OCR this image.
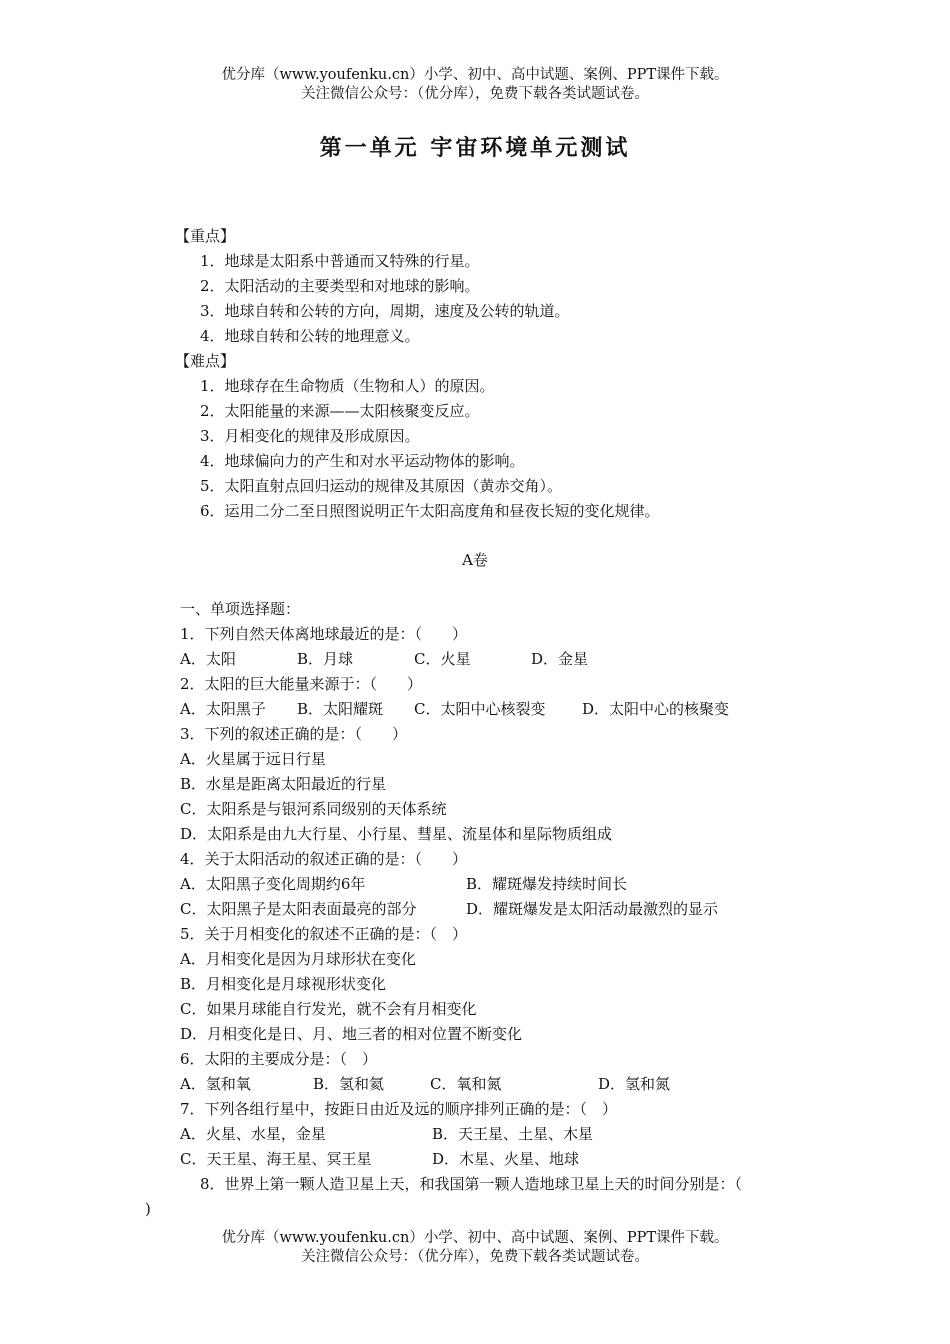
优分库（www.youfenku.cn）小学、初中、高中试题、案例、PPT课件下载。
关注微信公众号：（优分库），免费下载各类试题试卷。
第一单元 宇宙环境单元测试
【重点】
1．地球是太阳系中普通而又特殊的行星。
2．太阳活动的主要类型和对地球的影响。
3．地球自转和公转的方向，周期，速度及公转的轨道。
4．地球自转和公转的地理意义。
【难点】
1．地球存在生命物质（生物和人）的原因。
2．太阳能量的来源——太阳核聚变反应。
3．月相变化的规律及形成原因。
4．地球偏向力的产生和对水平运动物体的影响。
5．太阳直射点回归运动的规律及其原因（黄赤交角）。
6．运用二分二至日照图说明正午太阳高度角和昼夜长短的变化规律。
A卷
一、单项选择题：
1．下列自然天体离地球最近的是：（　　）
A．太阳	B．月球	C．火星	D．金星
2．太阳的巨大能量来源于：（　　）
A．太阳黑子	B．太阳耀斑	C．太阳中心核裂变	D．太阳中心的核聚变
3．下列的叙述正确的是：（　　）
A．火星属于远日行星
B．水星是距离太阳最近的行星
C．太阳系是与银河系同级别的天体系统
D．太阳系是由九大行星、小行星、彗星、流星体和星际物质组成
4．关于太阳活动的叙述正确的是：（　　）
A．太阳黑子变化周期约6年	B．耀斑爆发持续时间长
C．太阳黑子是太阳表面最亮的部分	D．耀斑爆发是太阳活动最激烈的显示
5．关于月相变化的叙述不正确的是：（　）
A．月相变化是因为月球形状在变化
B．月相变化是月球视形状变化
C．如果月球能自行发光，就不会有月相变化
D．月相变化是日、月、地三者的相对位置不断变化
6．太阳的主要成分是：（　）
A．氢和氧	B．氢和氦	C．氧和氮	D．氢和氮
7．下列各组行星中，按距日由近及远的顺序排列正确的是：（　）
A．火星、水星，金星	B．天王星、土星、木星
C．天王星、海王星、冥王星	D．木星、火星、地球
8．世界上第一颗人造卫星上天，和我国第一颗人造地球卫星上天的时间分别是：（
)
优分库（www.youfenku.cn）小学、初中、高中试题、案例、PPT课件下载。
关注微信公众号：（优分库），免费下载各类试题试卷。
